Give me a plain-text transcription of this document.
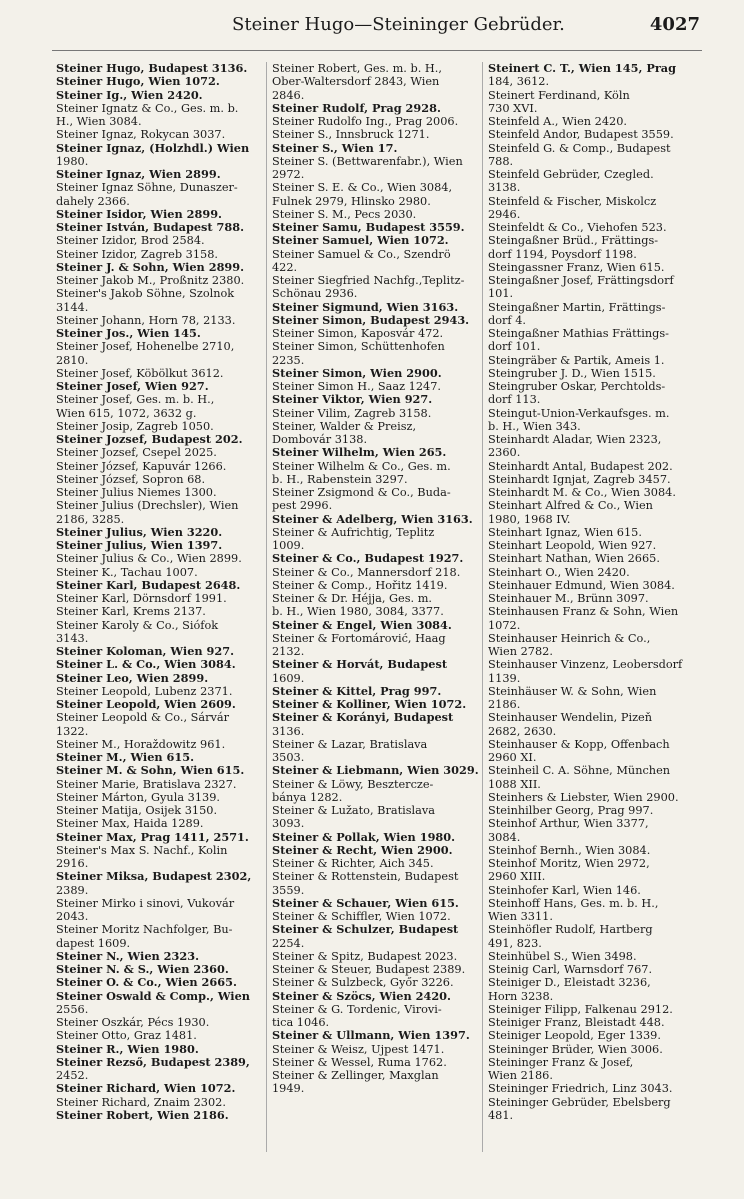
Steiner Hugo—Steininger Gebrüder.	4027
Steiner Hugo, Budapest 3136.
Steiner Hugo, Wien 1072.
Steiner Ig., Wien 2420.
Steiner Ignatz & Co., Ges. m. b.
H., Wien 3084.
Steiner Ignaz, Rokycan 3037.
Steiner Ignaz, (Holzhdl.) Wien
1980.
Steiner Ignaz, Wien 2899.
Steiner Ignaz Söhne, Dunaszer-
dahely 2366.
Steiner Isidor, Wien 2899.
Steiner István, Budapest 788.
Steiner Izidor, Brod 2584.
Steiner Izidor, Zagreb 3158.
Steiner J. & Sohn, Wien 2899.
Steiner Jakob M., Proßnitz 2380.
Steiner's Jakob Söhne, Szolnok
3144.
Steiner Johann, Horn 78, 2133.
Steiner Jos., Wien 145.
Steiner Josef, Hohenelbe 2710,
2810.
Steiner Josef, Köbölkut 3612.
Steiner Josef, Wien 927.
Steiner Josef, Ges. m. b. H.,
Wien 615, 1072, 3632 g.
Steiner Josip, Zagreb 1050.
Steiner Jozsef, Budapest 202.
Steiner Jozsef, Csepel 2025.
Steiner József, Kapuvár 1266.
Steiner József, Sopron 68.
Steiner Julius Niemes 1300.
Steiner Julius (Drechsler), Wien
2186, 3285.
Steiner Julius, Wien 3220.
Steiner Julius, Wien 1397.
Steiner Julius & Co., Wien 2899.
Steiner K., Tachau 1007.
Steiner Karl, Budapest 2648.
Steiner Karl, Dörnsdorf 1991.
Steiner Karl, Krems 2137.
Steiner Karoly & Co., Siófok
3143.
Steiner Koloman, Wien 927.
Steiner L. & Co., Wien 3084.
Steiner Leo, Wien 2899.
Steiner Leopold, Lubenz 2371.
Steiner Leopold, Wien 2609.
Steiner Leopold & Co., Sárvár
1322.
Steiner M., Horaždowitz 961.
Steiner M., Wien 615.
Steiner M. & Sohn, Wien 615.
Steiner Marie, Bratislava 2327.
Steiner Márton, Gyula 3139.
Steiner Matija, Osijek 3150.
Steiner Max, Haida 1289.
Steiner Max, Prag 1411, 2571.
Steiner's Max S. Nachf., Kolin
2916.
Steiner Miksa, Budapest 2302,
2389.
Steiner Mirko i sinovi, Vukovár
2043.
Steiner Moritz Nachfolger, Bu-
dapest 1609.
Steiner N., Wien 2323.
Steiner N. & S., Wien 2360.
Steiner O. & Co., Wien 2665.
Steiner Oswald & Comp., Wien
2556.
Steiner Oszkár, Pécs 1930.
Steiner Otto, Graz 1481.
Steiner R., Wien 1980.
Steiner Rezső, Budapest 2389,
2452.
Steiner Richard, Wien 1072.
Steiner Richard, Znaim 2302.
Steiner Robert, Wien 2186.
Steiner Robert, Ges. m. b. H.,
Ober-Waltersdorf 2843, Wien
2846.
Steiner Rudolf, Prag 2928.
Steiner Rudolfo Ing., Prag 2006.
Steiner S., Innsbruck 1271.
Steiner S., Wien 17.
Steiner S. (Bettwarenfabr.), Wien
2972.
Steiner S. E. & Co., Wien 3084,
Fulnek 2979, Hlinsko 2980.
Steiner S. M., Pecs 2030.
Steiner Samu, Budapest 3559.
Steiner Samuel, Wien 1072.
Steiner Samuel & Co., Szendrö
422.
Steiner Siegfried Nachfg.,Teplitz-
Schönau 2936.
Steiner Sigmund, Wien 3163.
Steiner Simon, Budapest 2943.
Steiner Simon, Kaposvár 472.
Steiner Simon, Schüttenhofen
2235.
Steiner Simon, Wien 2900.
Steiner Simon H., Saaz 1247.
Steiner Viktor, Wien 927.
Steiner Vilim, Zagreb 3158.
Steiner, Walder & Preisz,
Dombovár 3138.
Steiner Wilhelm, Wien 265.
Steiner Wilhelm & Co., Ges. m.
b. H., Rabenstein 3297.
Steiner Zsigmond & Co., Buda-
pest 2996.
Steiner & Adelberg, Wien 3163.
Steiner & Aufrichtig, Teplitz
1009.
Steiner & Co., Budapest 1927.
Steiner & Co., Mannersdorf 218.
Steiner & Comp., Hořitz 1419.
Steiner & Dr. Héjja, Ges. m.
b. H., Wien 1980, 3084, 3377.
Steiner & Engel, Wien 3084.
Steiner & Fortomárović, Haag
2132.
Steiner & Horvát, Budapest
1609.
Steiner & Kittel, Prag 997.
Steiner & Kolliner, Wien 1072.
Steiner & Korányi, Budapest
3136.
Steiner & Lazar, Bratislava
3503.
Steiner & Liebmann, Wien 3029.
Steiner & Löwy, Besztercze-
bánya 1282.
Steiner & Lužato, Bratislava
3093.
Steiner & Pollak, Wien 1980.
Steiner & Recht, Wien 2900.
Steiner & Richter, Aich 345.
Steiner & Rottenstein, Budapest
3559.
Steiner & Schauer, Wien 615.
Steiner & Schiffler, Wien 1072.
Steiner & Schulzer, Budapest
2254.
Steiner & Spitz, Budapest 2023.
Steiner & Steuer, Budapest 2389.
Steiner & Sulzbeck, Győr 3226.
Steiner & Szöcs, Wien 2420.
Steiner & G. Tordenic, Virovi-
tica 1046.
Steiner & Ullmann, Wien 1397.
Steiner & Weisz, Ujpest 1471.
Steiner & Wessel, Ruma 1762.
Steiner & Zellinger, Maxglan
1949.
Steinert C. T., Wien 145, Prag
184, 3612.
Steinert Ferdinand, Köln
730 XVI.
Steinfeld A., Wien 2420.
Steinfeld Andor, Budapest 3559.
Steinfeld G. & Comp., Budapest
788.
Steinfeld Gebrüder, Czegled.
3138.
Steinfeld & Fischer, Miskolcz
2946.
Steinfeldt & Co., Viehofen 523.
Steingaßner Brüd., Frättings-
dorf 1194, Poysdorf 1198.
Steingassner Franz, Wien 615.
Steingaßner Josef, Frättingsdorf
101.
Steingaßner Martin, Frättings-
dorf 4.
Steingaßner Mathias Frättings-
dorf 101.
Steingräber & Partik, Ameis 1.
Steingruber J. D., Wien 1515.
Steingruber Oskar, Perchtolds-
dorf 113.
Steingut-Union-Verkaufsges. m.
b. H., Wien 343.
Steinhardt Aladar, Wien 2323,
2360.
Steinhardt Antal, Budapest 202.
Steinhardt Ignjat, Zagreb 3457.
Steinhardt M. & Co., Wien 3084.
Steinhart Alfred & Co., Wien
1980, 1968 IV.
Steinhart Ignaz, Wien 615.
Steinhart Leopold, Wien 927.
Steinhart Nathan, Wien 2665.
Steinhart O., Wien 2420.
Steinhauer Edmund, Wien 3084.
Steinhauer M., Brünn 3097.
Steinhausen Franz & Sohn, Wien
1072.
Steinhauser Heinrich & Co.,
Wien 2782.
Steinhauser Vinzenz, Leobersdorf
1139.
Steinhäuser W. & Sohn, Wien
2186.
Steinhauser Wendelin, Pizeň
2682, 2630.
Steinhauser & Kopp, Offenbach
2960 XI.
Steinheil C. A. Söhne, München
1088 XII.
Steinhers & Liebster, Wien 2900.
Steinhilber Georg, Prag 997.
Steinhof Arthur, Wien 3377,
3084.
Steinhof Bernh., Wien 3084.
Steinhof Moritz, Wien 2972,
2960 XIII.
Steinhofer Karl, Wien 146.
Steinhoff Hans, Ges. m. b. H.,
Wien 3311.
Steinhöfler Rudolf, Hartberg
491, 823.
Steinhübel S., Wien 3498.
Steinig Carl, Warnsdorf 767.
Steiniger D., Eleistadt 3236,
Horn 3238.
Steiniger Filipp, Falkenau 2912.
Steiniger Franz, Bleistadt 448.
Steiniger Leopold, Eger 1339.
Steininger Brüder, Wien 3006.
Steininger Franz & Josef,
Wien 2186.
Steininger Friedrich, Linz 3043.
Steininger Gebrüder, Ebelsberg
481.
